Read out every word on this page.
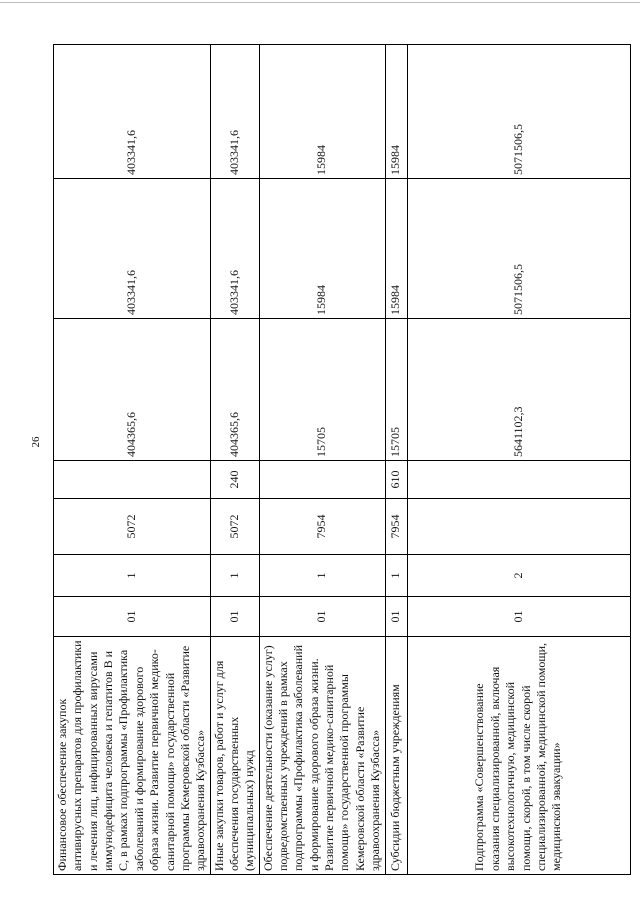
26
Финансовое обеспечение закупок антивирусных препаратов для профилактики и лечения лиц, инфицированных вирусами иммунодефицита человека и гепатитов В и С, в рамках подпрограммы «Профилактика заболеваний и формирование здорового образа жизни. Развитие первичной медико-санитарной помощи» государственной программы Кемеровской области «Развитие здравоохранения Кузбасса»	01	1	5072		404365,6	403341,6	403341,6
Иные закупки товаров, работ и услуг для обеспечения государственных (муниципальных) нужд	01	1	5072	240	404365,6	403341,6	403341,6
Обеспечение деятельности (оказание услуг) подведомственных учреждений в рамках подпрограммы «Профилактика заболеваний и формирование здорового образа жизни. Развитие первичной медико-санитарной помощи» государственной программы Кемеровской области «Развитие здравоохранения Кузбасса»	01	1	7954		15705	15984	15984
Субсидии бюджетным учреждениям	01	1	7954	610	15705	15984	15984
Подпрограмма «Совершенствование оказания специализированной, включая высокотехнологичную, медицинской помощи, скорой, в том числе скорой специализированной, медицинской помощи, медицинской эвакуации»	01	2			5641102,3	5071506,5	5071506,5
